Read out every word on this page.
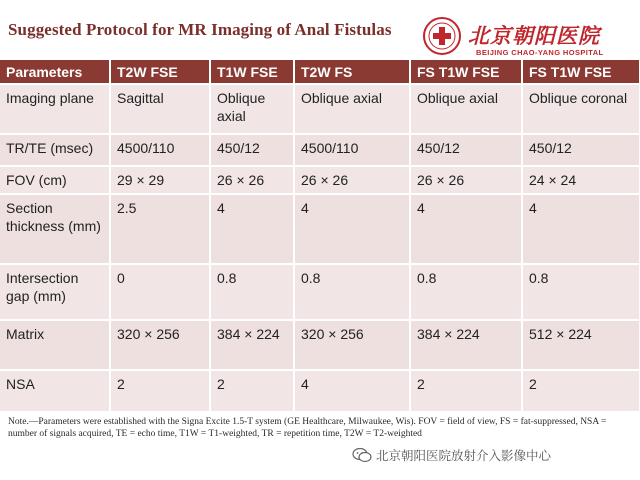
Suggested Protocol for MR Imaging of Anal Fistulas	北京朝阳医院
BEIJING CHAO-YANG HOSPITAL
Parameters	T2W FSE	T1W FSE	T2W FS	FS T1W FSE	FS T1W FSE
Imaging plane	Sagittal	Oblique axial	Oblique axial	Oblique axial	Oblique coronal
TR/TE (msec)	4500/110	450/12	4500/110	450/12	450/12
FOV (cm)	29 × 29	26 × 26	26 × 26	26 × 26	24 × 24
Section thickness (mm)	2.5	4	4	4	4
Intersection gap (mm)	0	0.8	0.8	0.8	0.8
Matrix	320 × 256	384 × 224	320 × 256	384 × 224	512 × 224
NSA	2	2	4	2	2
Note.—Parameters were established with the Signa Excite 1.5-T system (GE Healthcare, Milwaukee, Wis). FOV = field of view, FS = fat-suppressed, NSA = number of signals acquired, TE = echo time, T1W = T1-weighted, TR = repetition time, T2W = T2-weighted
北京朝阳医院放射介入影像中心
